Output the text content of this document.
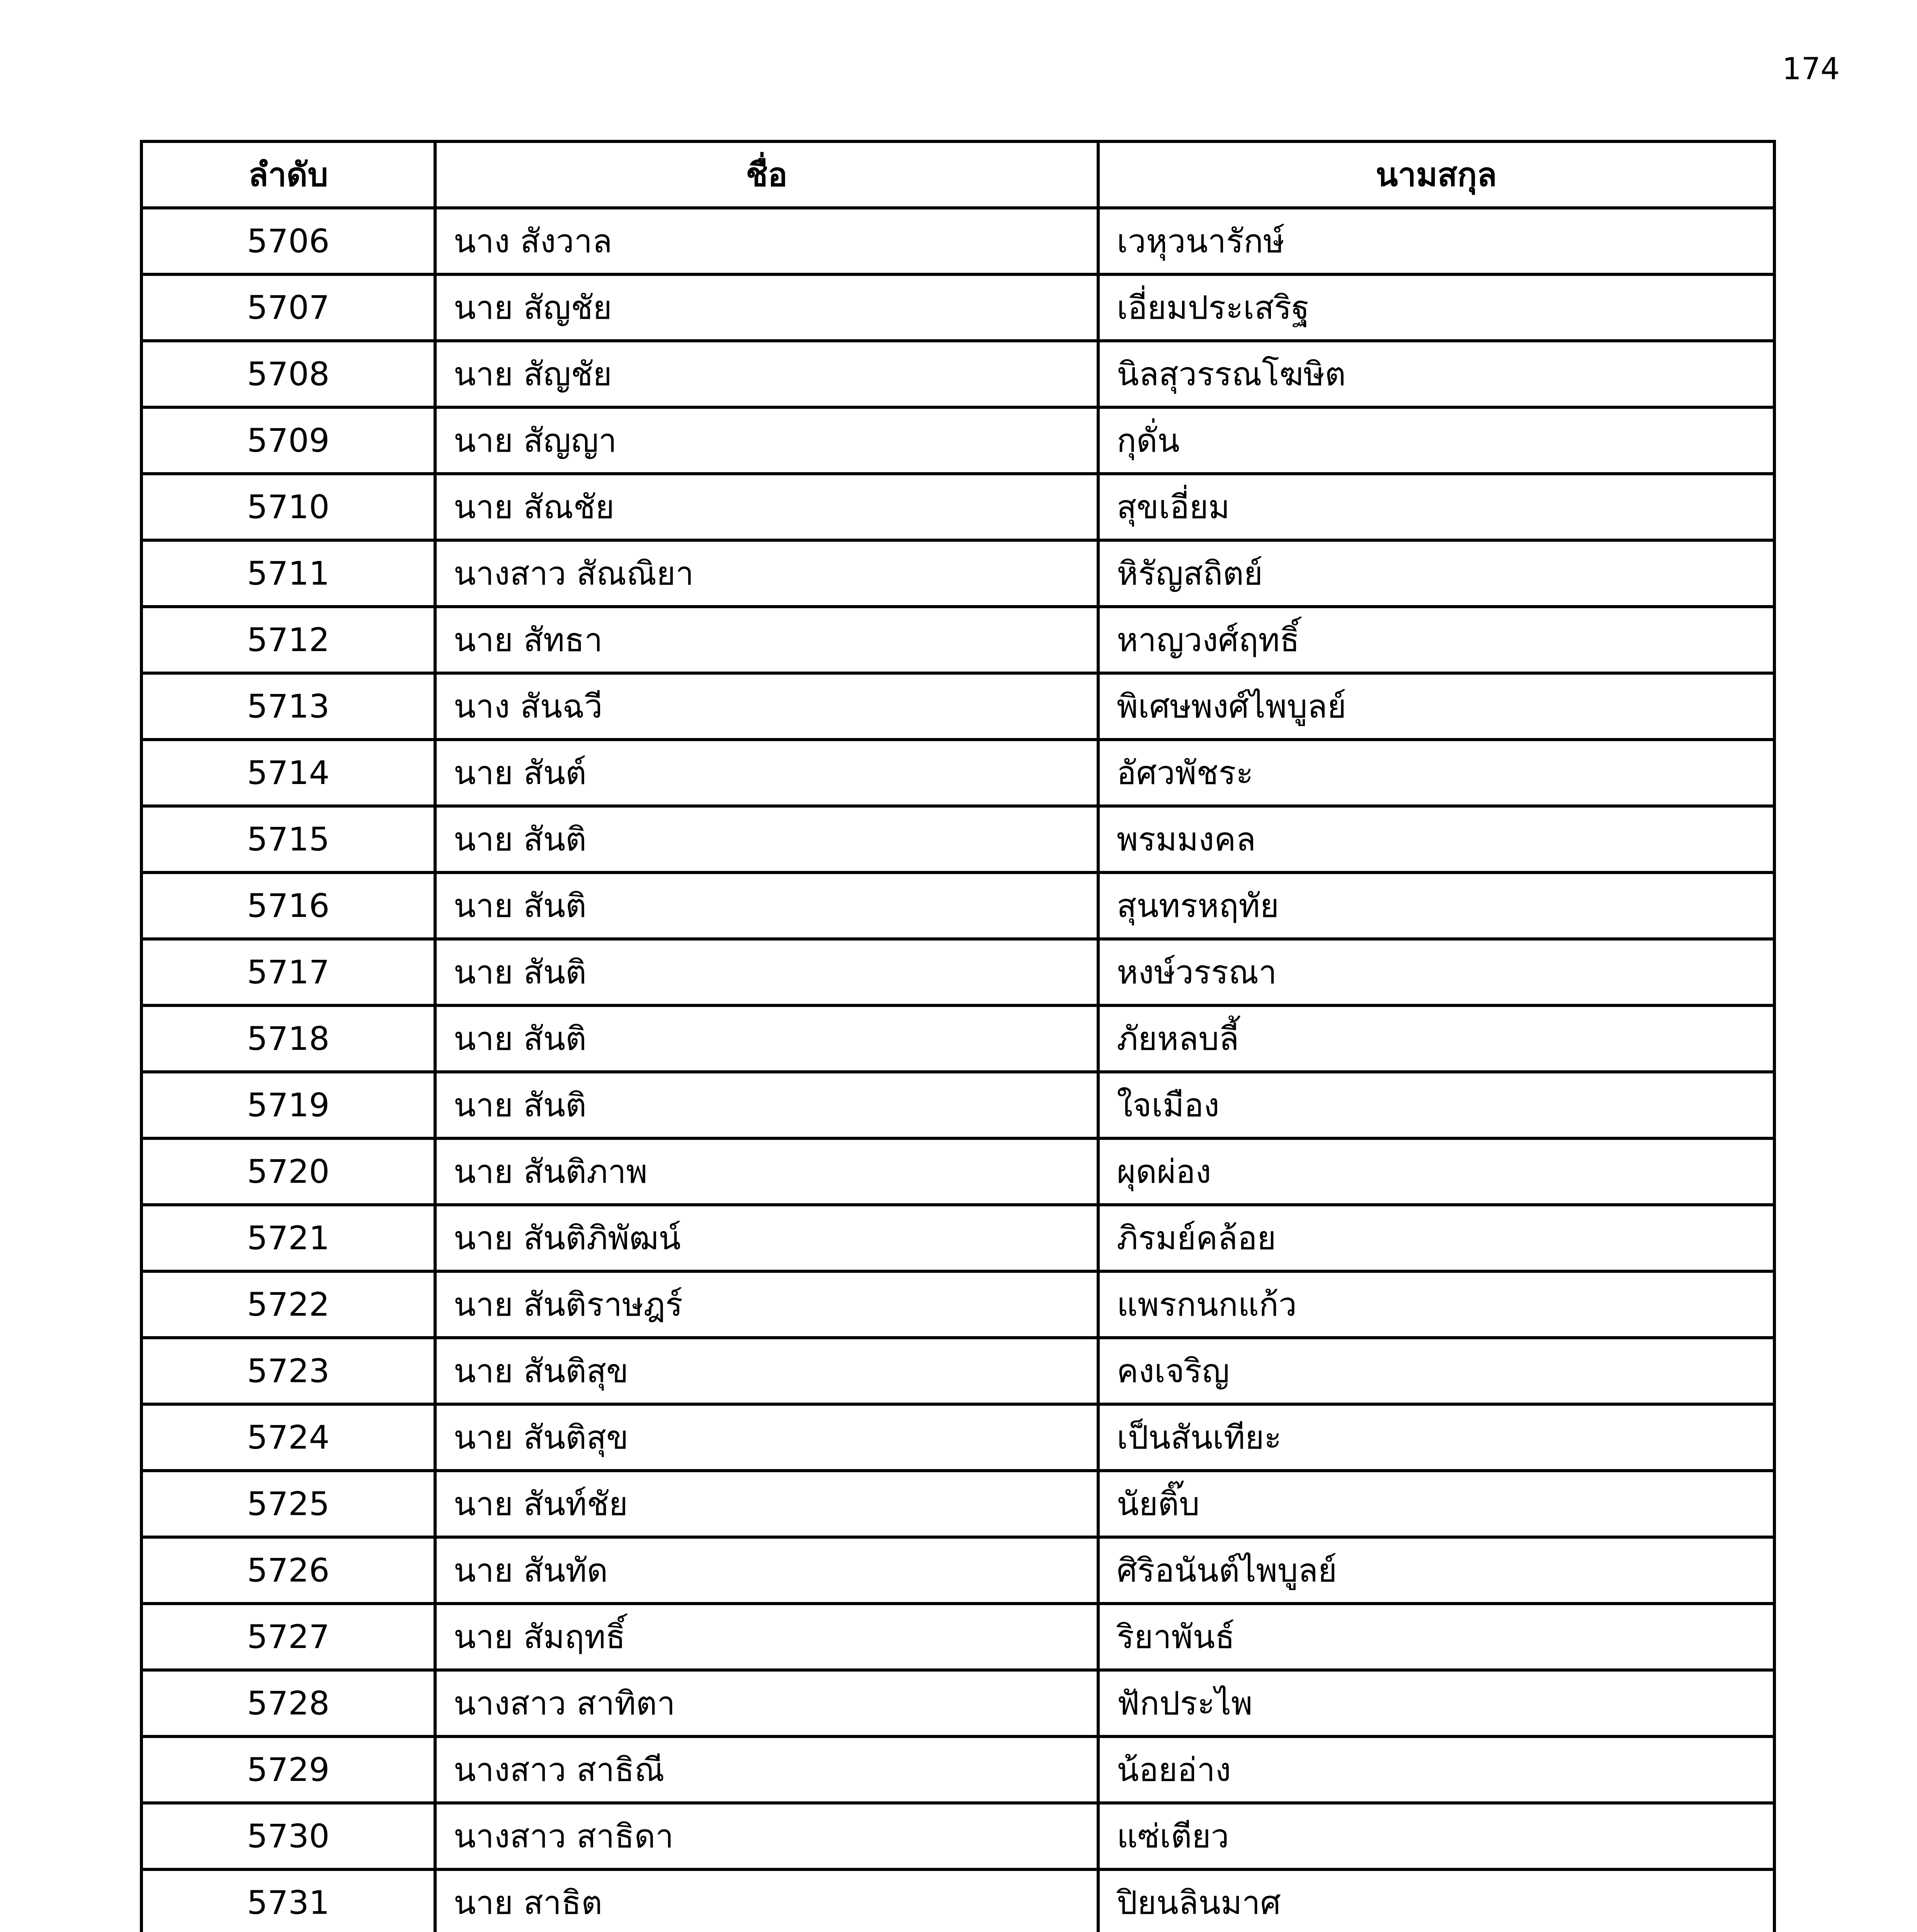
174
ลำดับ	ชื่อ	นามสกุล
5706	นาง สังวาล	เวหุวนารักษ์
5707	นาย สัญชัย	เอี่ยมประเสริฐ
5708	นาย สัญชัย	นิลสุวรรณโฆษิต
5709	นาย สัญญา	กุดั่น
5710	นาย สัณชัย	สุขเอี่ยม
5711	นางสาว สัณณิยา	หิรัญสถิตย์
5712	นาย สัทธา	หาญวงศ์ฤทธิ์
5713	นาง สันฉวี	พิเศษพงศ์ไพบูลย์
5714	นาย สันต์	อัศวพัชระ
5715	นาย สันติ	พรมมงคล
5716	นาย สันติ	สุนทรหฤทัย
5717	นาย สันติ	หงษ์วรรณา
5718	นาย สันติ	ภัยหลบลี้
5719	นาย สันติ	ใจเมือง
5720	นาย สันติภาพ	ผุดผ่อง
5721	นาย สันติภิพัฒน์	ภิรมย์คล้อย
5722	นาย สันติราษฎร์	แพรกนกแก้ว
5723	นาย สันติสุข	คงเจริญ
5724	นาย สันติสุข	เป็นสันเทียะ
5725	นาย สันท์ชัย	นัยติ๊บ
5726	นาย สันทัด	ศิริอนันต์ไพบูลย์
5727	นาย สัมฤทธิ์	ริยาพันธ์
5728	นางสาว สาทิตา	ฟักประไพ
5729	นางสาว สาธิณี	น้อยอ่าง
5730	นางสาว สาธิดา	แซ่เตียว
5731	นาย สาธิต	ปิยนลินมาศ
